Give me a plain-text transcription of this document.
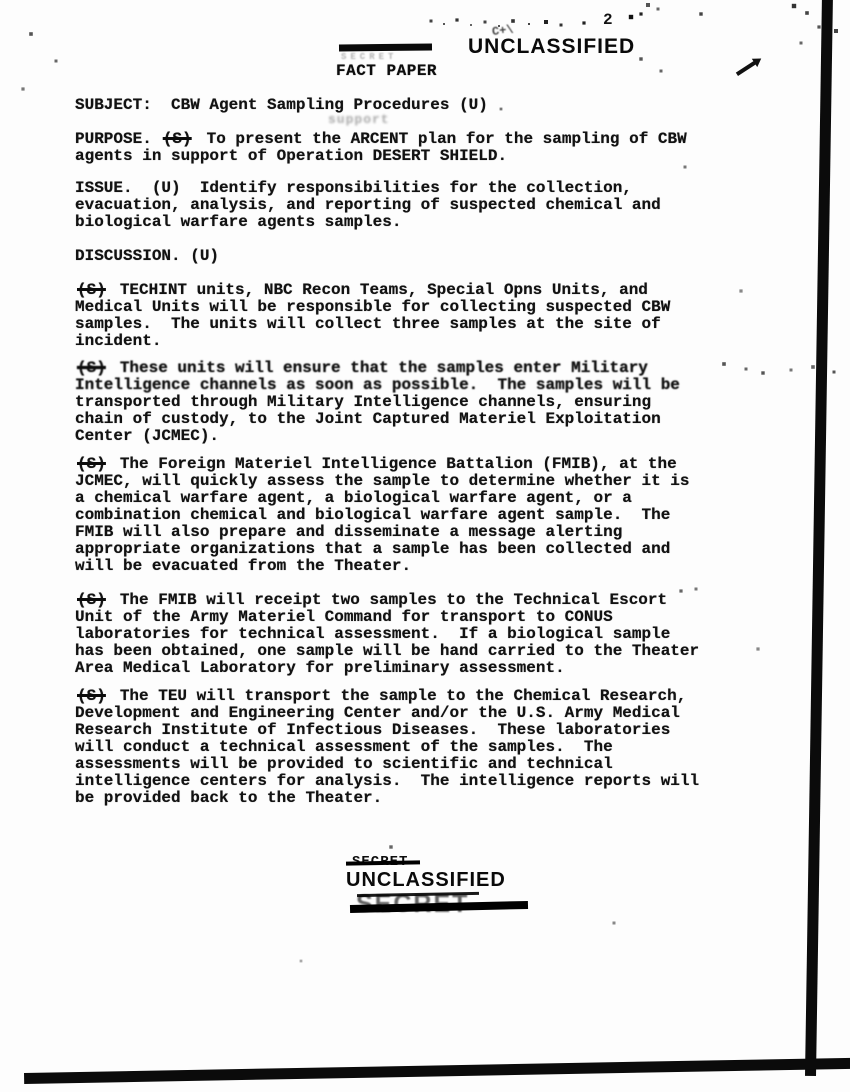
2
SECRET	UNCLASSIFIED
C+\
FACT PAPER
support
SUBJECT:  CBW Agent Sampling Procedures (U)
PURPOSE. (S) To present the ARCENT plan for the sampling of CBW
agents in support of Operation DESERT SHIELD.
ISSUE.  (U)  Identify responsibilities for the collection,
evacuation, analysis, and reporting of suspected chemical and
biological warfare agents samples.
DISCUSSION. (U)
(S) TECHINT units, NBC Recon Teams, Special Opns Units, and
Medical Units will be responsible for collecting suspected CBW
samples.  The units will collect three samples at the site of
incident.
(S) These units will ensure that the samples enter Military
Intelligence channels as soon as possible.  The samples will be
transported through Military Intelligence channels, ensuring
chain of custody, to the Joint Captured Materiel Exploitation
Center (JCMEC).
(S) The Foreign Materiel Intelligence Battalion (FMIB), at the
JCMEC, will quickly assess the sample to determine whether it is
a chemical warfare agent, a biological warfare agent, or a
combination chemical and biological warfare agent sample.  The
FMIB will also prepare and disseminate a message alerting
appropriate organizations that a sample has been collected and
will be evacuated from the Theater.
(S) The FMIB will receipt two samples to the Technical Escort
Unit of the Army Materiel Command for transport to CONUS
laboratories for technical assessment.  If a biological sample
has been obtained, one sample will be hand carried to the Theater
Area Medical Laboratory for preliminary assessment.
(S) The TEU will transport the sample to the Chemical Research,
Development and Engineering Center and/or the U.S. Army Medical
Research Institute of Infectious Diseases.  These laboratories
will conduct a technical assessment of the samples.  The
assessments will be provided to scientific and technical
intelligence centers for analysis.  The intelligence reports will
be provided back to the Theater.
UNCLASSIFIED
